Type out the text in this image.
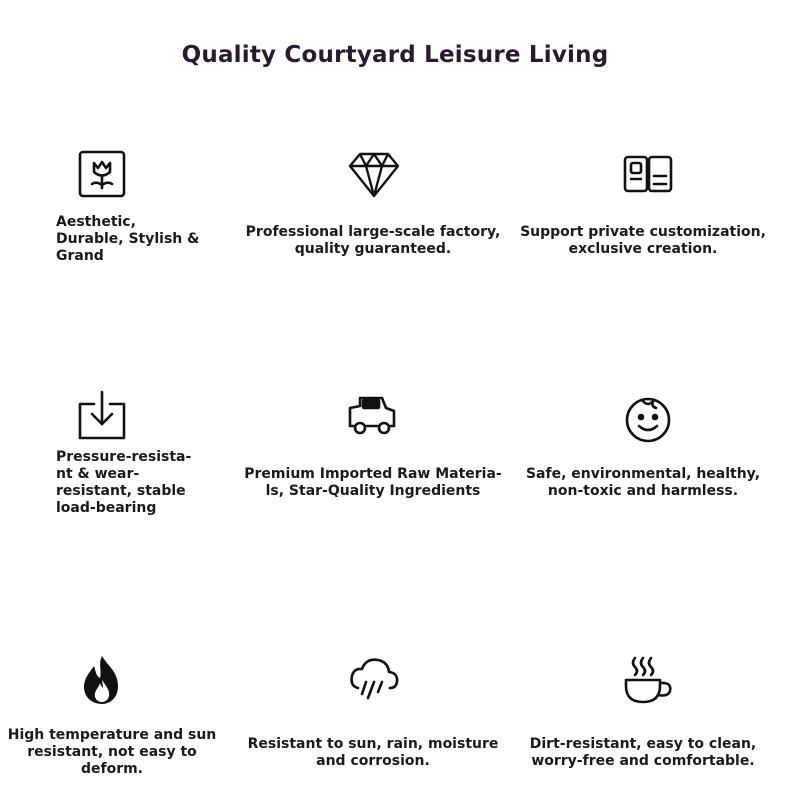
Quality Courtyard Leisure Living
Aesthetic,
Durable, Stylish &
Grand
Professional large-scale factory,
quality guaranteed.
Support private customization,
exclusive creation.
Pressure-resista-
nt & wear-
resistant, stable
load-bearing
Premium Imported Raw Materia-
ls, Star-Quality Ingredients
Safe, environmental, healthy,
non-toxic and harmless.
High temperature and sun
resistant, not easy to
deform.
Resistant to sun, rain, moisture
and corrosion.
Dirt-resistant, easy to clean,
worry-free and comfortable.
